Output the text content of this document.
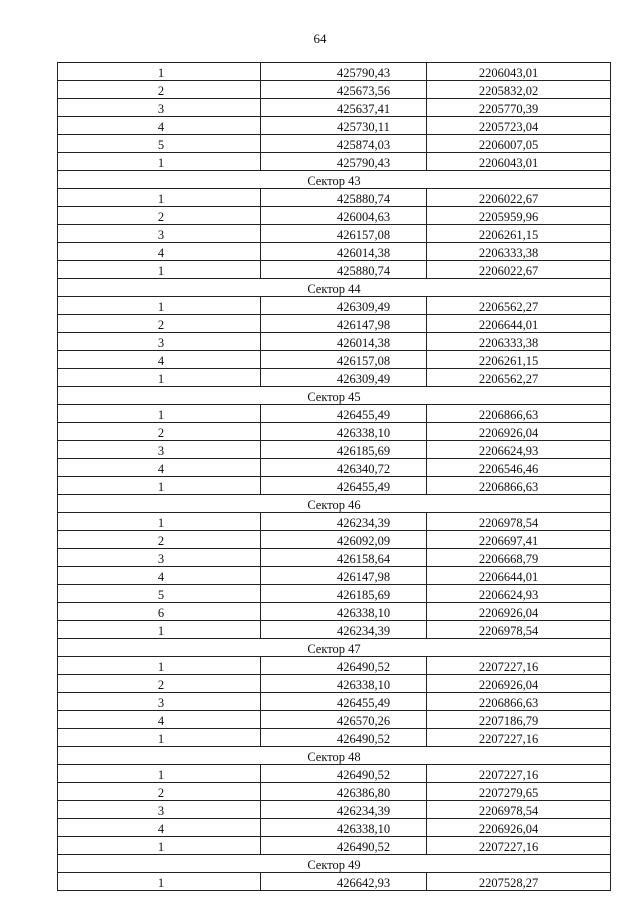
64
1	425790,43	2206043,01
2	425673,56	2205832,02
3	425637,41	2205770,39
4	425730,11	2205723,04
5	425874,03	2206007,05
1	425790,43	2206043,01
Сектор 43		
1	425880,74	2206022,67
2	426004,63	2205959,96
3	426157,08	2206261,15
4	426014,38	2206333,38
1	425880,74	2206022,67
Сектор 44		
1	426309,49	2206562,27
2	426147,98	2206644,01
3	426014,38	2206333,38
4	426157,08	2206261,15
1	426309,49	2206562,27
Сектор 45		
1	426455,49	2206866,63
2	426338,10	2206926,04
3	426185,69	2206624,93
4	426340,72	2206546,46
1	426455,49	2206866,63
Сектор 46		
1	426234,39	2206978,54
2	426092,09	2206697,41
3	426158,64	2206668,79
4	426147,98	2206644,01
5	426185,69	2206624,93
6	426338,10	2206926,04
1	426234,39	2206978,54
Сектор 47		
1	426490,52	2207227,16
2	426338,10	2206926,04
3	426455,49	2206866,63
4	426570,26	2207186,79
1	426490,52	2207227,16
Сектор 48		
1	426490,52	2207227,16
2	426386,80	2207279,65
3	426234,39	2206978,54
4	426338,10	2206926,04
1	426490,52	2207227,16
Сектор 49		
1	426642,93	2207528,27
